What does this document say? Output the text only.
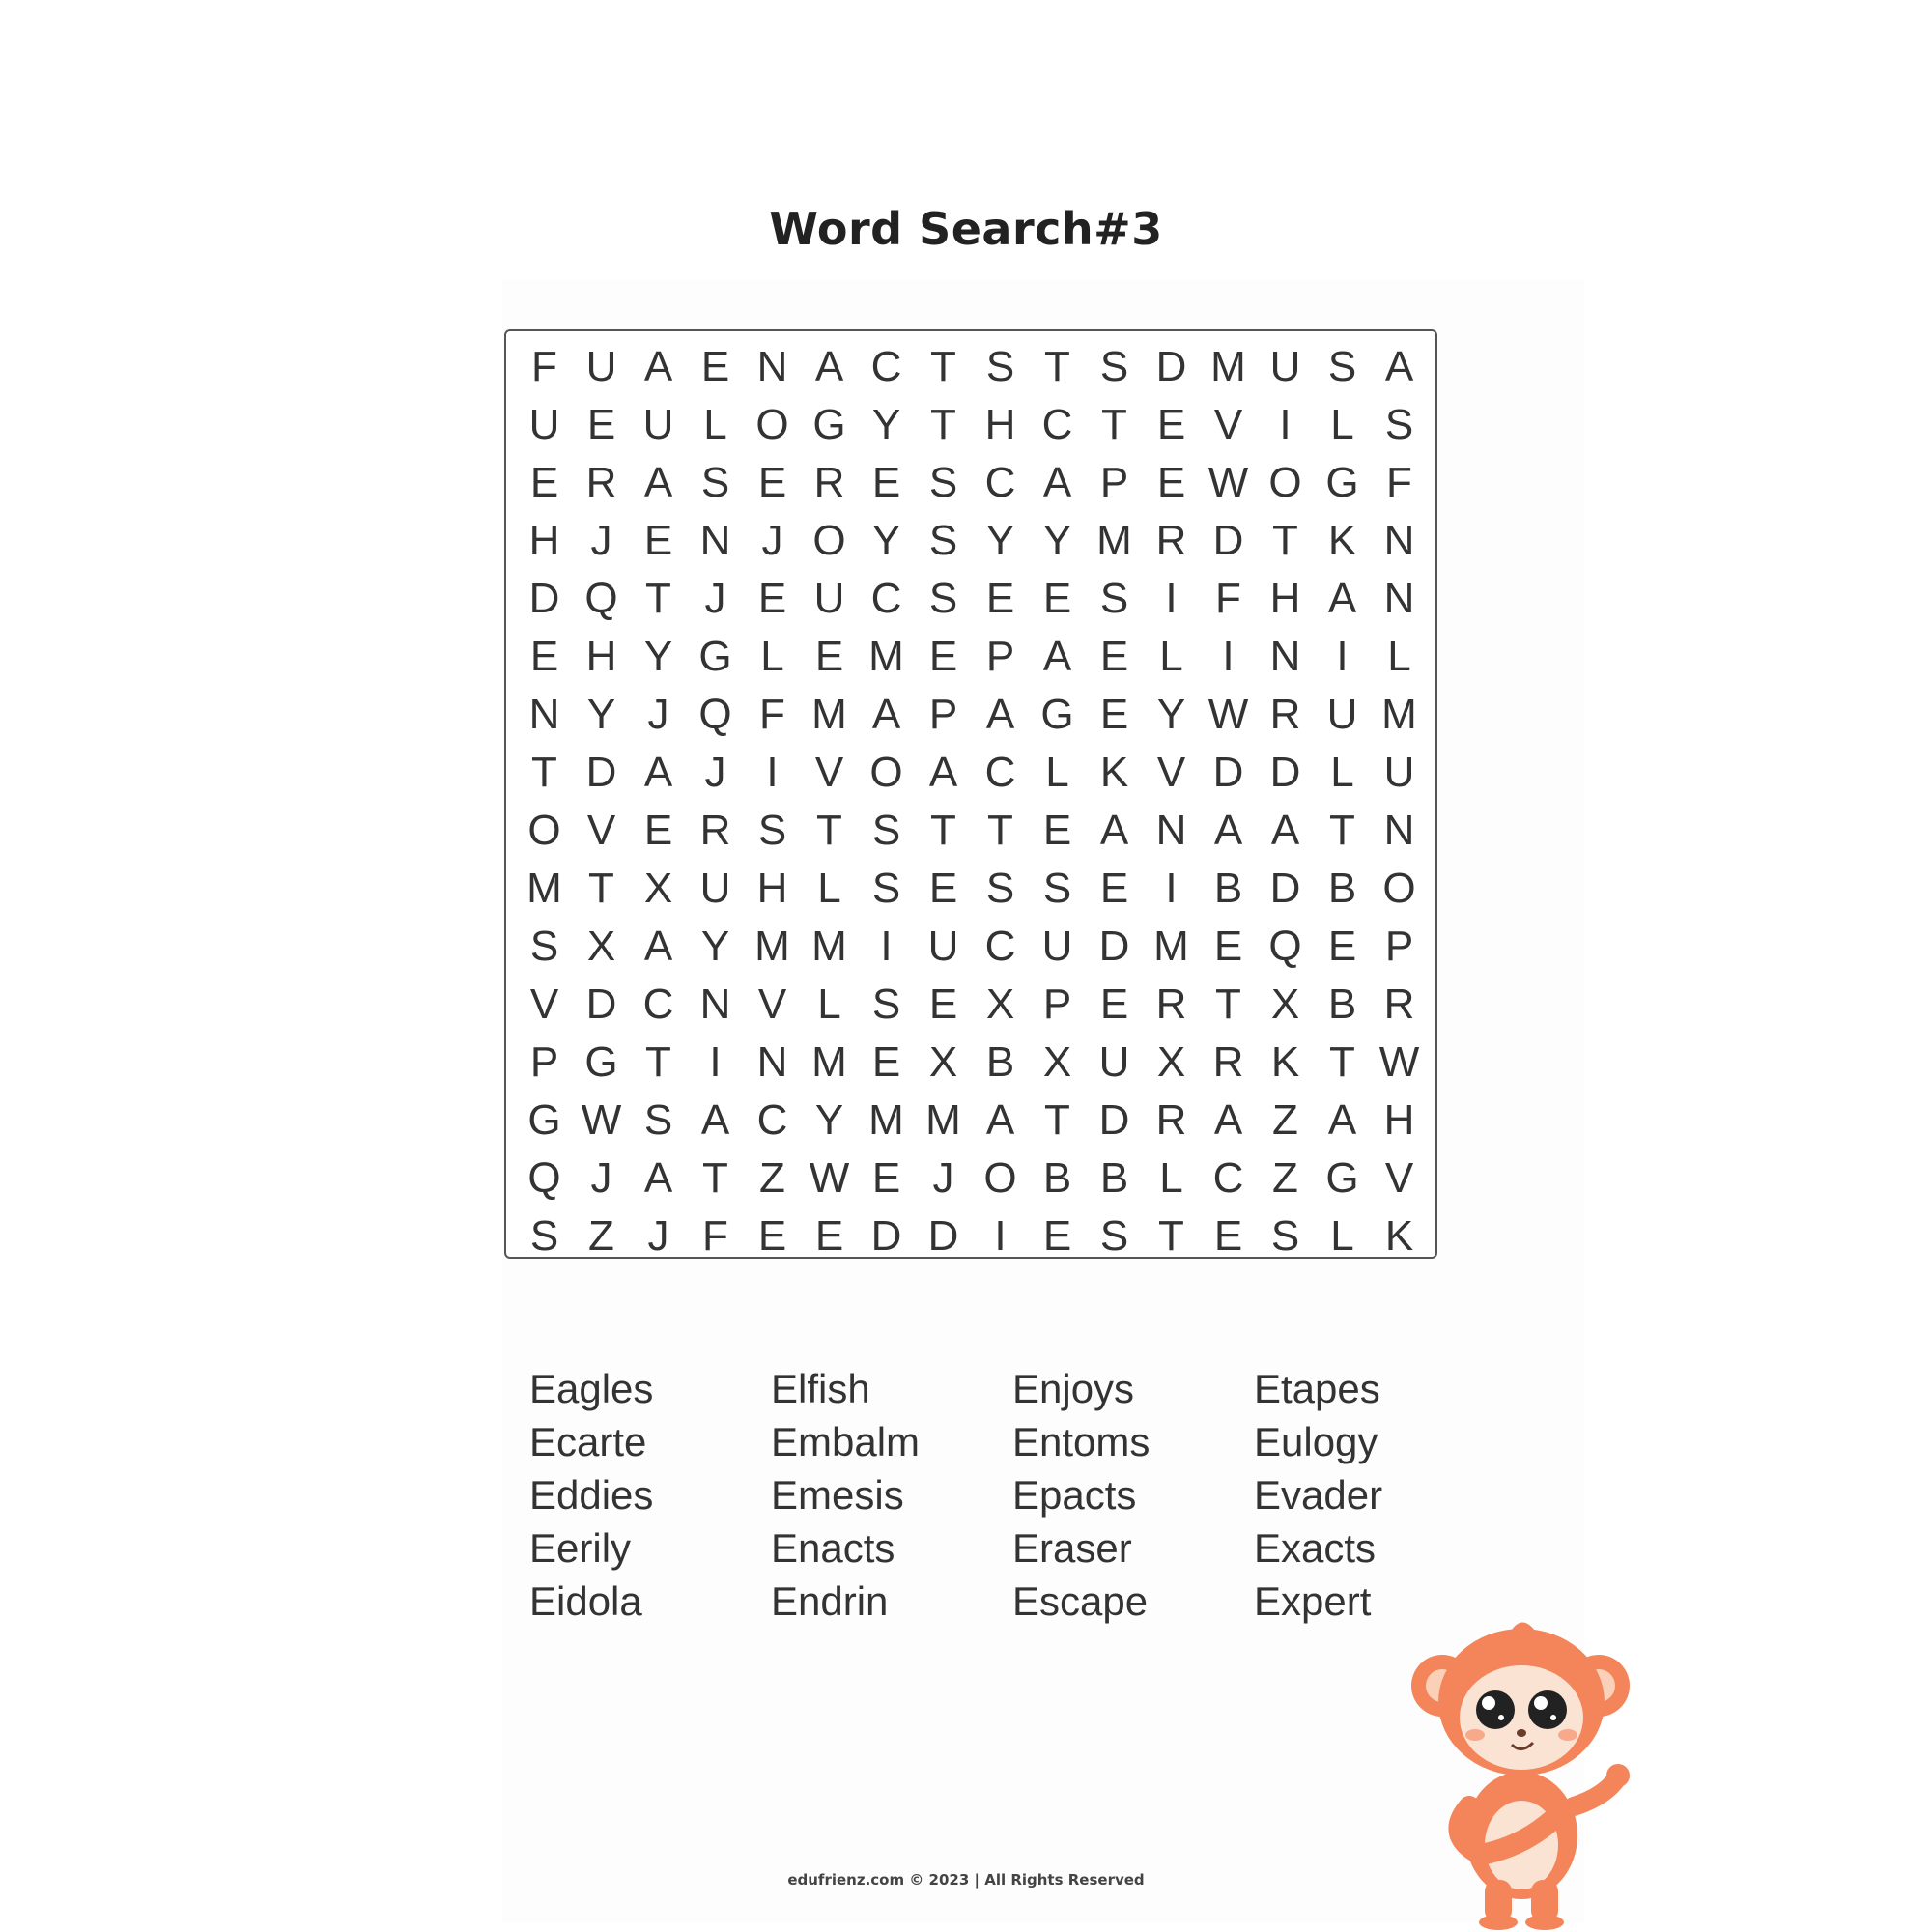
Word Search#3
F U A E N A C T S T S D M U S A
U E U L O G Y T H C T E V I L S
E R A S E R E S C A P E W O G F
H J E N J O Y S Y Y M R D T K N
D Q T J E U C S E E S I F H A N
E H Y G L E M E P A E L I N I L
N Y J Q F M A P A G E Y W R U M
T D A J I V O A C L K V D D L U
O V E R S T S T T E A N A A T N
M T X U H L S E S S E I B D B O
S X A Y M M I U C U D M E Q E P
V D C N V L S E X P E R T X B R
P G T I N M E X B X U X R K T W
G W S A C Y M M A T D R A Z A H
Q J A T Z W E J O B B L C Z G V
S Z J F E E D D I E S T E S L K
Eagles
Ecarte
Eddies
Eerily
Eidola
Elfish
Embalm
Emesis
Enacts
Endrin
Enjoys
Entoms
Epacts
Eraser
Escape
Etapes
Eulogy
Evader
Exacts
Expert
edufrienz.com © 2023 | All Rights Reserved
